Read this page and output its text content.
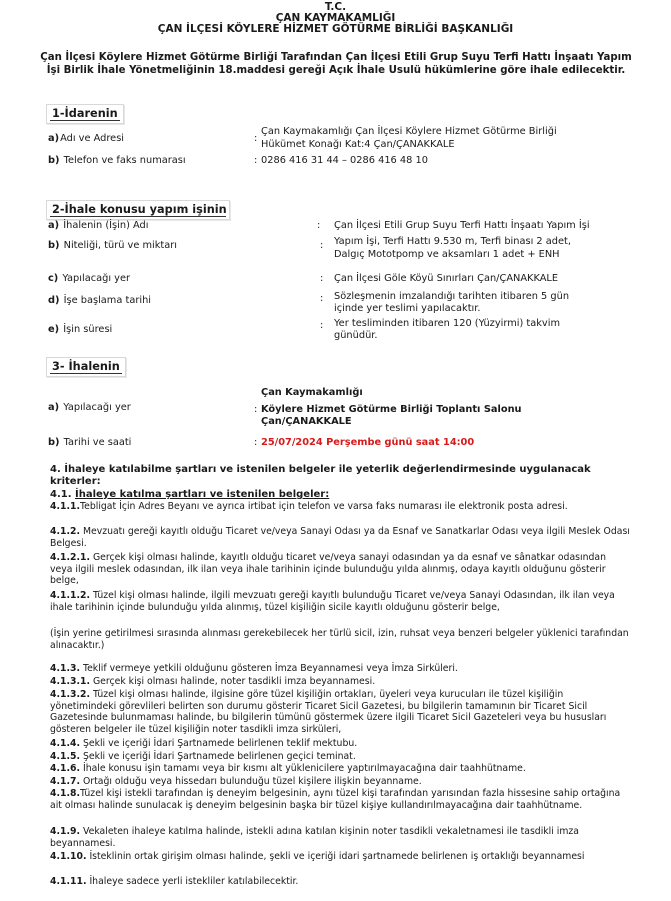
T.C.
ÇAN KAYMAKAMLIĞI
ÇAN İLÇESİ KÖYLERE HİZMET GÖTÜRME BİRLİĞİ BAŞKANLIĞI
Çan İlçesi Köylere Hizmet Götürme Birliği Tarafından Çan İlçesi Etili Grup Suyu Terfi Hattı İnşaatı Yapım İşi Birlik İhale Yönetmeliğinin 18.maddesi gereği Açık İhale Usulü hükümlerine göre ihale edilecektir.
1-İdarenin
a)Adı ve Adresi	:
Çan Kaymakamlığı Çan İlçesi Köylere Hizmet Götürme Birliği
Hükümet Konağı Kat:4 Çan/ÇANAKKALE
b) Telefon ve faks numarası	: 0286 416 31 44 – 0286 416 48 10
2-İhale konusu yapım işinin
a) İhalenin (İşin) Adı	: Çan İlçesi Etili Grup Suyu Terfi Hattı İnşaatı Yapım İşi
b) Niteliği, türü ve miktarı	: Yapım İşi, Terfi Hattı 9.530 m, Terfi binası 2 adet,
Dalgıç Mototpomp ve aksamları 1 adet + ENH
c) Yapılacağı yer	: Çan İlçesi Göle Köyü Sınırları Çan/ÇANAKKALE
d) İşe başlama tarihi	: Sözleşmenin imzalandığı tarihten itibaren 5 gün
içinde yer teslimi yapılacaktır.
e) İşin süresi	: Yer tesliminden itibaren 120 (Yüzyirmi) takvim
günüdür.
3- İhalenin
Çan Kaymakamlığı
a) Yapılacağı yer	: Köylere Hizmet Götürme Birliği Toplantı Salonu
Çan/ÇANAKKALE
b) Tarihi ve saati	: 25/07/2024 Perşembe günü saat 14:00
4. İhaleye katılabilme şartları ve istenilen belgeler ile yeterlik değerlendirmesinde uygulanacak kriterler:
4.1. İhaleye katılma şartları ve istenilen belgeler:
4.1.1.Tebligat İçin Adres Beyanı ve ayrıca irtibat için telefon ve varsa faks numarası ile elektronik posta adresi.
4.1.2. Mevzuatı gereği kayıtlı olduğu Ticaret ve/veya Sanayi Odası ya da Esnaf ve Sanatkarlar Odası veya ilgili Meslek Odası Belgesi.
4.1.2.1. Gerçek kişi olması halinde, kayıtlı olduğu ticaret ve/veya sanayi odasından ya da esnaf ve sânatkar odasından veya ilgili meslek odasından, ilk ilan veya ihale tarihinin içinde bulunduğu yılda alınmış, odaya kayıtlı olduğunu gösterir belge,
4.1.1.2. Tüzel kişi olması halinde, ilgili mevzuatı gereği kayıtlı bulunduğu Ticaret ve/veya Sanayi Odasından, ilk ilan veya ihale tarihinin içinde bulunduğu yılda alınmış, tüzel kişiliğin sicile kayıtlı olduğunu gösterir belge,
(İşin yerine getirilmesi sırasında alınması gerekebilecek her türlü sicil, izin, ruhsat veya benzeri belgeler yüklenici tarafından alınacaktır.)
4.1.3. Teklif vermeye yetkili olduğunu gösteren İmza Beyannamesi veya İmza Sirküleri.
4.1.3.1. Gerçek kişi olması halinde, noter tasdikli imza beyannamesi.
4.1.3.2. Tüzel kişi olması halinde, ilgisine göre tüzel kişiliğin ortakları, üyeleri veya kurucuları ile tüzel kişiliğin yönetimindeki görevlileri belirten son durumu gösterir Ticaret Sicil Gazetesi, bu bilgilerin tamamının bir Ticaret Sicil Gazetesinde bulunmaması halinde, bu bilgilerin tümünü göstermek üzere ilgili Ticaret Sicil Gazeteleri veya bu hususları gösteren belgeler ile tüzel kişiliğin noter tasdikli imza sirküleri,
4.1.4. Şekli ve içeriği İdari Şartnamede belirlenen teklif mektubu.
4.1.5. Şekli ve içeriği İdari Şartnamede belirlenen geçici teminat.
4.1.6. İhale konusu işin tamamı veya bir kısmı alt yüklenicilere yaptırılmayacağına dair taahhütname.
4.1.7. Ortağı olduğu veya hissedarı bulunduğu tüzel kişilere ilişkin beyanname.
4.1.8.Tüzel kişi istekli tarafından iş deneyim belgesinin, aynı tüzel kişi tarafından yarısından fazla hissesine sahip ortağına ait olması halinde sunulacak iş deneyim belgesinin başka bir tüzel kişiye kullandırılmayacağına dair taahhütname.
4.1.9. Vekaleten ihaleye katılma halinde, istekli adına katılan kişinin noter tasdikli vekaletnamesi ile tasdikli imza beyannamesi.
4.1.10. İsteklinin ortak girişim olması halinde, şekli ve içeriği idari şartnamede belirlenen iş ortaklığı beyannamesi
4.1.11. İhaleye sadece yerli istekliler katılabilecektir.
